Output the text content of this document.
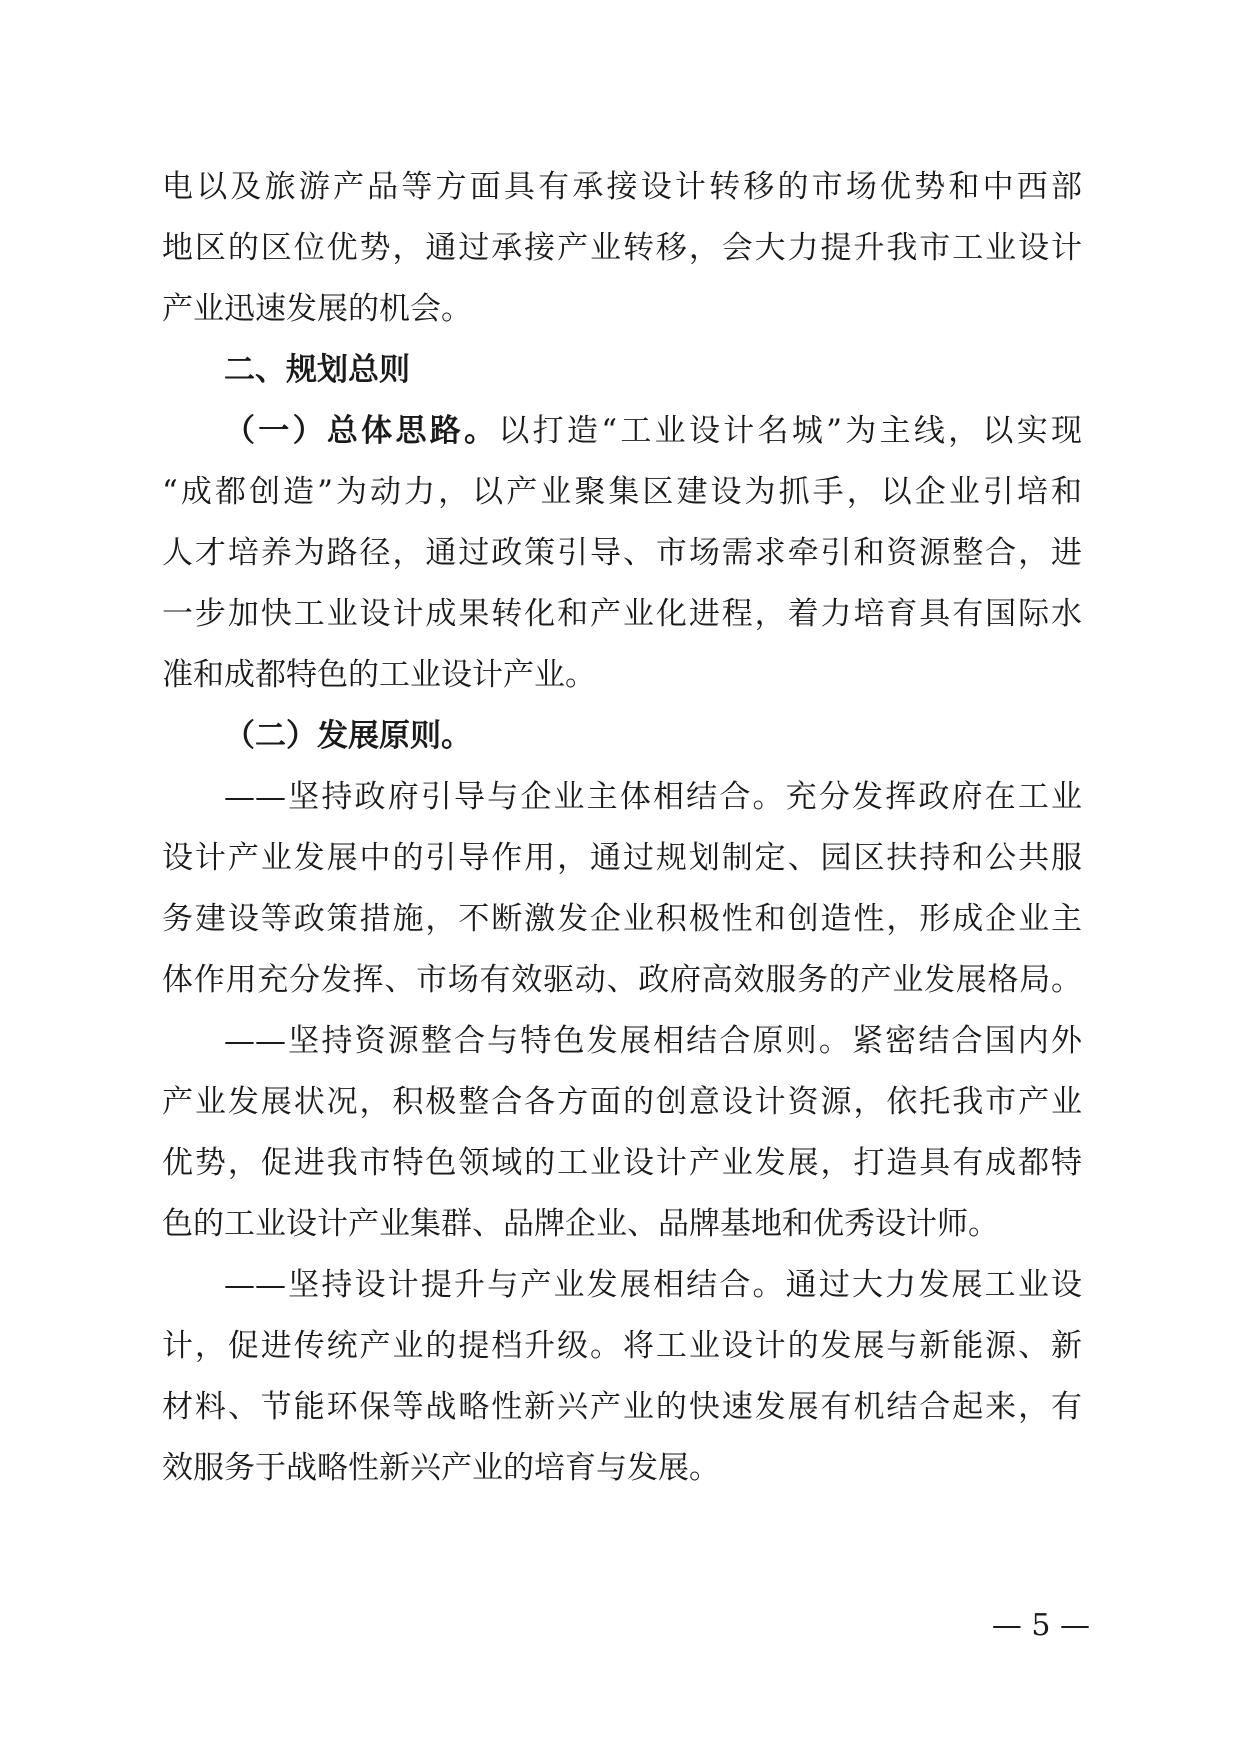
电以及旅游产品等方面具有承接设计转移的市场优势和中西部
地区的区位优势，通过承接产业转移，会大力提升我市工业设计
产业迅速发展的机会。
二、规划总则
（一）总体思路。以打造“工业设计名城”为主线，以实现
“成都创造”为动力，以产业聚集区建设为抓手，以企业引培和
人才培养为路径，通过政策引导、市场需求牵引和资源整合，进
一步加快工业设计成果转化和产业化进程，着力培育具有国际水
准和成都特色的工业设计产业。
（二）发展原则。
——坚持政府引导与企业主体相结合。充分发挥政府在工业
设计产业发展中的引导作用，通过规划制定、园区扶持和公共服
务建设等政策措施，不断激发企业积极性和创造性，形成企业主
体作用充分发挥、市场有效驱动、政府高效服务的产业发展格局。
——坚持资源整合与特色发展相结合原则。紧密结合国内外
产业发展状况，积极整合各方面的创意设计资源，依托我市产业
优势，促进我市特色领域的工业设计产业发展，打造具有成都特
色的工业设计产业集群、品牌企业、品牌基地和优秀设计师。
——坚持设计提升与产业发展相结合。通过大力发展工业设
计，促进传统产业的提档升级。将工业设计的发展与新能源、新
材料、节能环保等战略性新兴产业的快速发展有机结合起来，有
效服务于战略性新兴产业的培育与发展。
— 5 —
